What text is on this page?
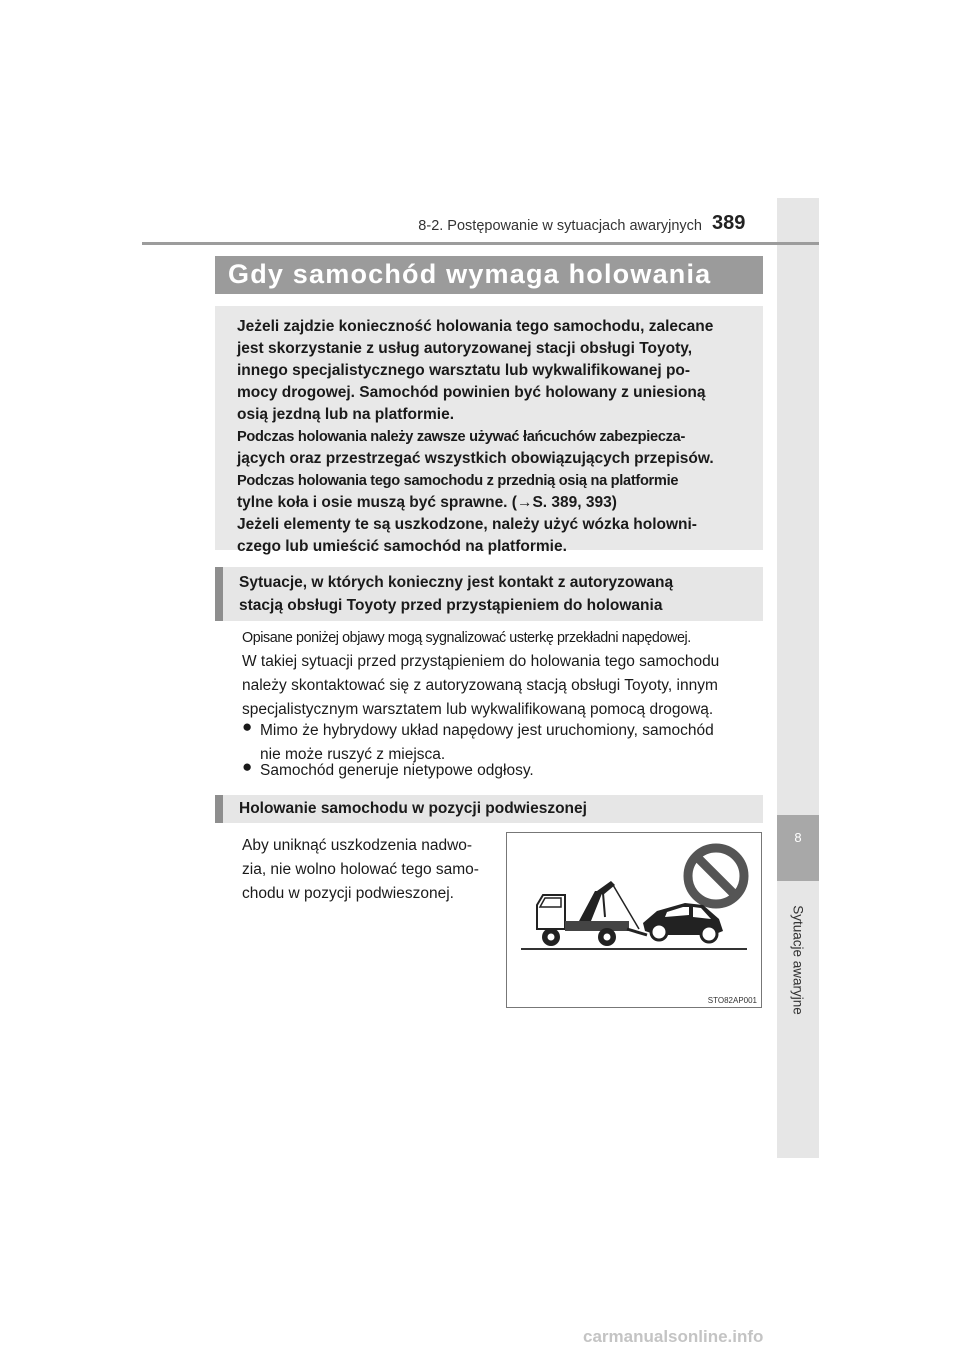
8
Sytuacje awaryjne
8-2. Postępowanie w sytuacjach awaryjnych 389
Gdy samochód wymaga holowania

Jeżeli zajdzie konieczność holowania tego samochodu, zalecane

jest skorzystanie z usług autoryzowanej stacji obsługi Toyoty,

innego specjalistycznego warsztatu lub wykwalifikowanej po-

mocy drogowej. Samochód powinien być holowany z uniesioną

osią jezdną lub na platformie.

Podczas holowania należy zawsze używać łańcuchów zabezpiecza-

jących oraz przestrzegać wszystkich obowiązujących przepisów.

Podczas holowania tego samochodu z przednią osią na platformie

tylne koła i osie muszą być sprawne. (→S. 389, 393)

Jeżeli elementy te są uszkodzone, należy użyć wózka holowni-

czego lub umieścić samochód na platformie.

Sytuacje, w których konieczny jest kontakt z autoryzowaną
stacją obsługi Toyoty przed przystąpieniem do holowania

Opisane poniżej objawy mogą sygnalizować usterkę przekładni napędowej.

W takiej sytuacji przed przystąpieniem do holowania tego samochodu

należy skontaktować się z autoryzowaną stacją obsługi Toyoty, innym

specjalistycznym warsztatem lub wykwalifikowaną pomocą drogową.

● Mimo że hybrydowy układ napędowy jest uruchomiony, samochód

nie może ruszyć z miejsca.

● Samochód generuje nietypowe odgłosy.

Holowanie samochodu w pozycji podwieszonej

Aby uniknąć uszkodzenia nadwo-

zia, nie wolno holować tego samo-

chodu w pozycji podwieszonej.

STO82AP001
carmanualsonline.info
